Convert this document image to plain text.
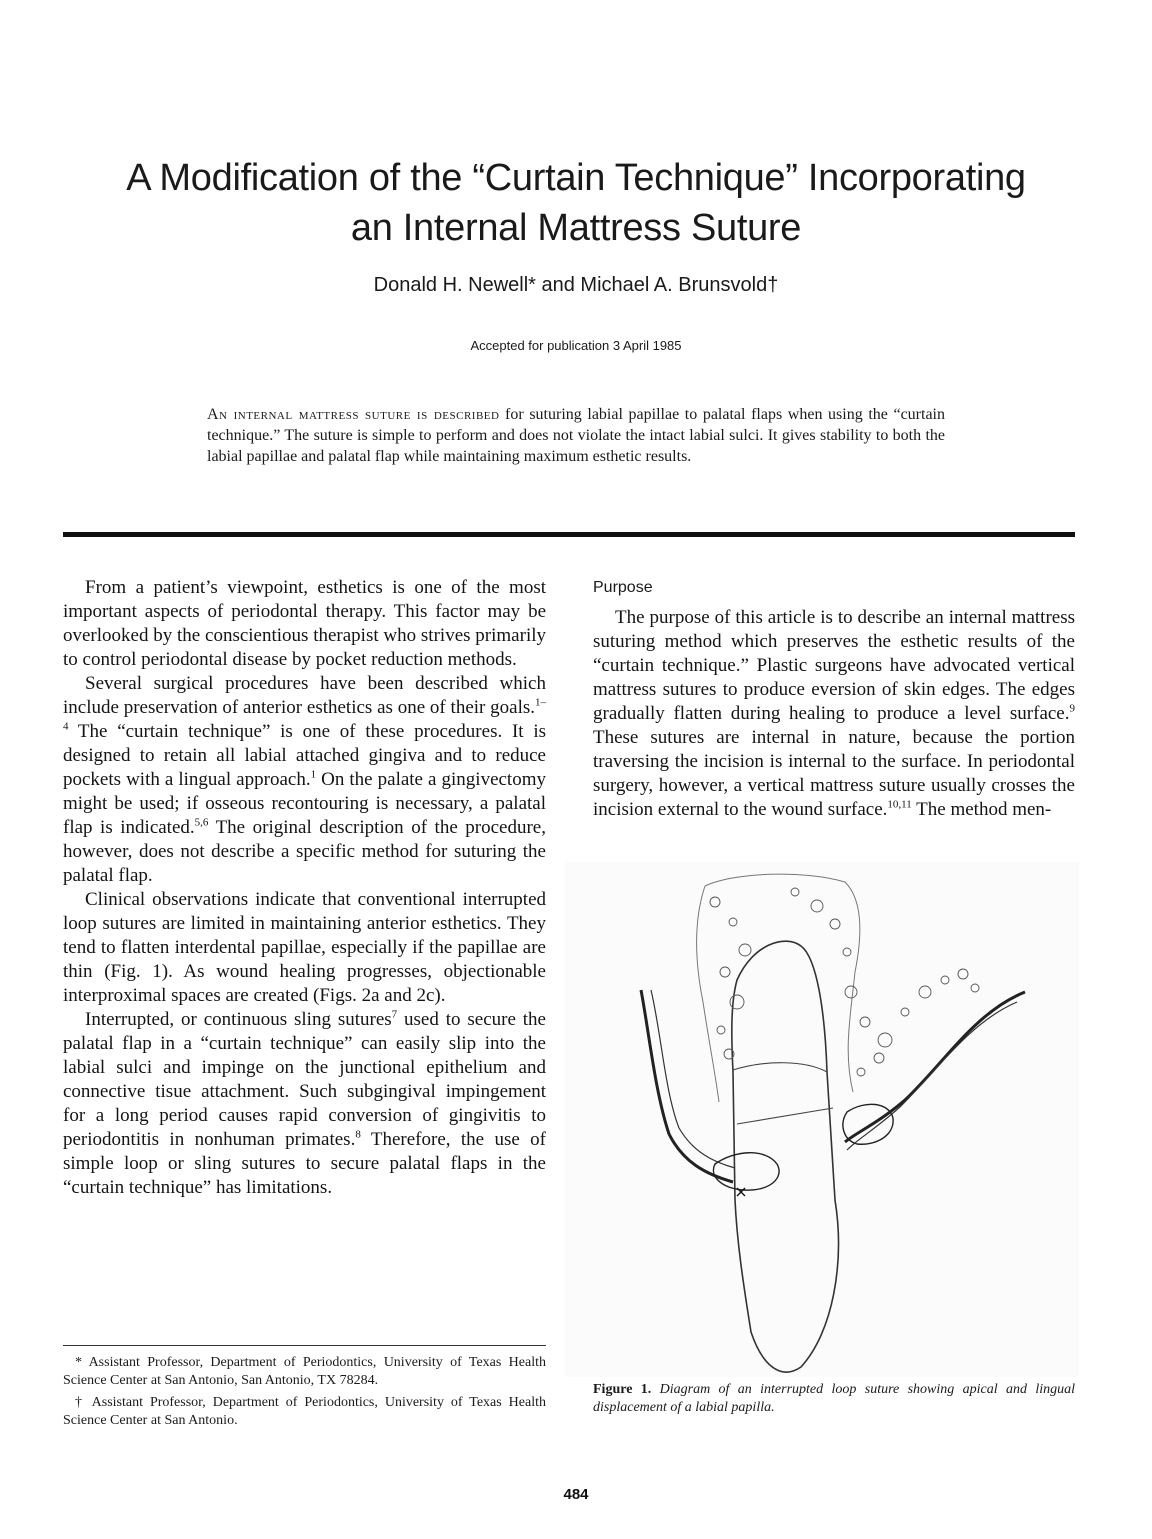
A Modification of the “Curtain Technique” Incorporating
an Internal Mattress Suture
Donald H. Newell* and Michael A. Brunsvold†
Accepted for publication 3 April 1985
An internal mattress suture is described for suturing labial papillae to palatal flaps when using the “curtain technique.” The suture is simple to perform and does not violate the intact labial sulci. It gives stability to both the labial papillae and palatal flap while maintaining maximum esthetic results.

From a patient’s viewpoint, esthetics is one of the most important aspects of periodontal therapy. This factor may be overlooked by the conscientious therapist who strives primarily to control periodontal disease by pocket reduction methods.

Several surgical procedures have been described which include preservation of anterior esthetics as one of their goals.$^{1-4}$ The “curtain technique” is one of these procedures. It is designed to retain all labial attached gingiva and to reduce pockets with a lingual approach.$^1$ On the palate a gingivectomy might be used; if osseous recontouring is necessary, a palatal flap is indicated.$^{5,6}$ The original description of the procedure, however, does not describe a specific method for suturing the palatal flap.

Clinical observations indicate that conventional interrupted loop sutures are limited in maintaining anterior esthetics. They tend to flatten interdental papillae, especially if the papillae are thin (Fig. 1). As wound healing progresses, objectionable interproximal spaces are created (Figs. 2a and 2c).

Interrupted, or continuous sling sutures$^7$ used to secure the palatal flap in a “curtain technique” can easily slip into the labial sulci and impinge on the junctional epithelium and connective tisue attachment. Such subgingival impingement for a long period causes rapid conversion of gingivitis to periodontitis in nonhuman primates.$^8$ Therefore, the use of simple loop or sling sutures to secure palatal flaps in the “curtain technique” has limitations.

Purpose

The purpose of this article is to describe an internal mattress suturing method which preserves the esthetic results of the “curtain technique.” Plastic surgeons have advocated vertical mattress sutures to produce eversion of skin edges. The edges gradually flatten during healing to produce a level surface.$^9$ These sutures are internal in nature, because the portion traversing the incision is internal to the surface. In periodontal surgery, however, a vertical mattress suture usually crosses the incision external to the wound surface.$^{10,11}$ The method men-

* Assistant Professor, Department of Periodontics, University of Texas Health Science Center at San Antonio, San Antonio, TX 78284.

† Assistant Professor, Department of Periodontics, University of Texas Health Science Center at San Antonio.

Figure 1. Diagram of an interrupted loop suture showing apical and lingual displacement of a labial papilla.
484
